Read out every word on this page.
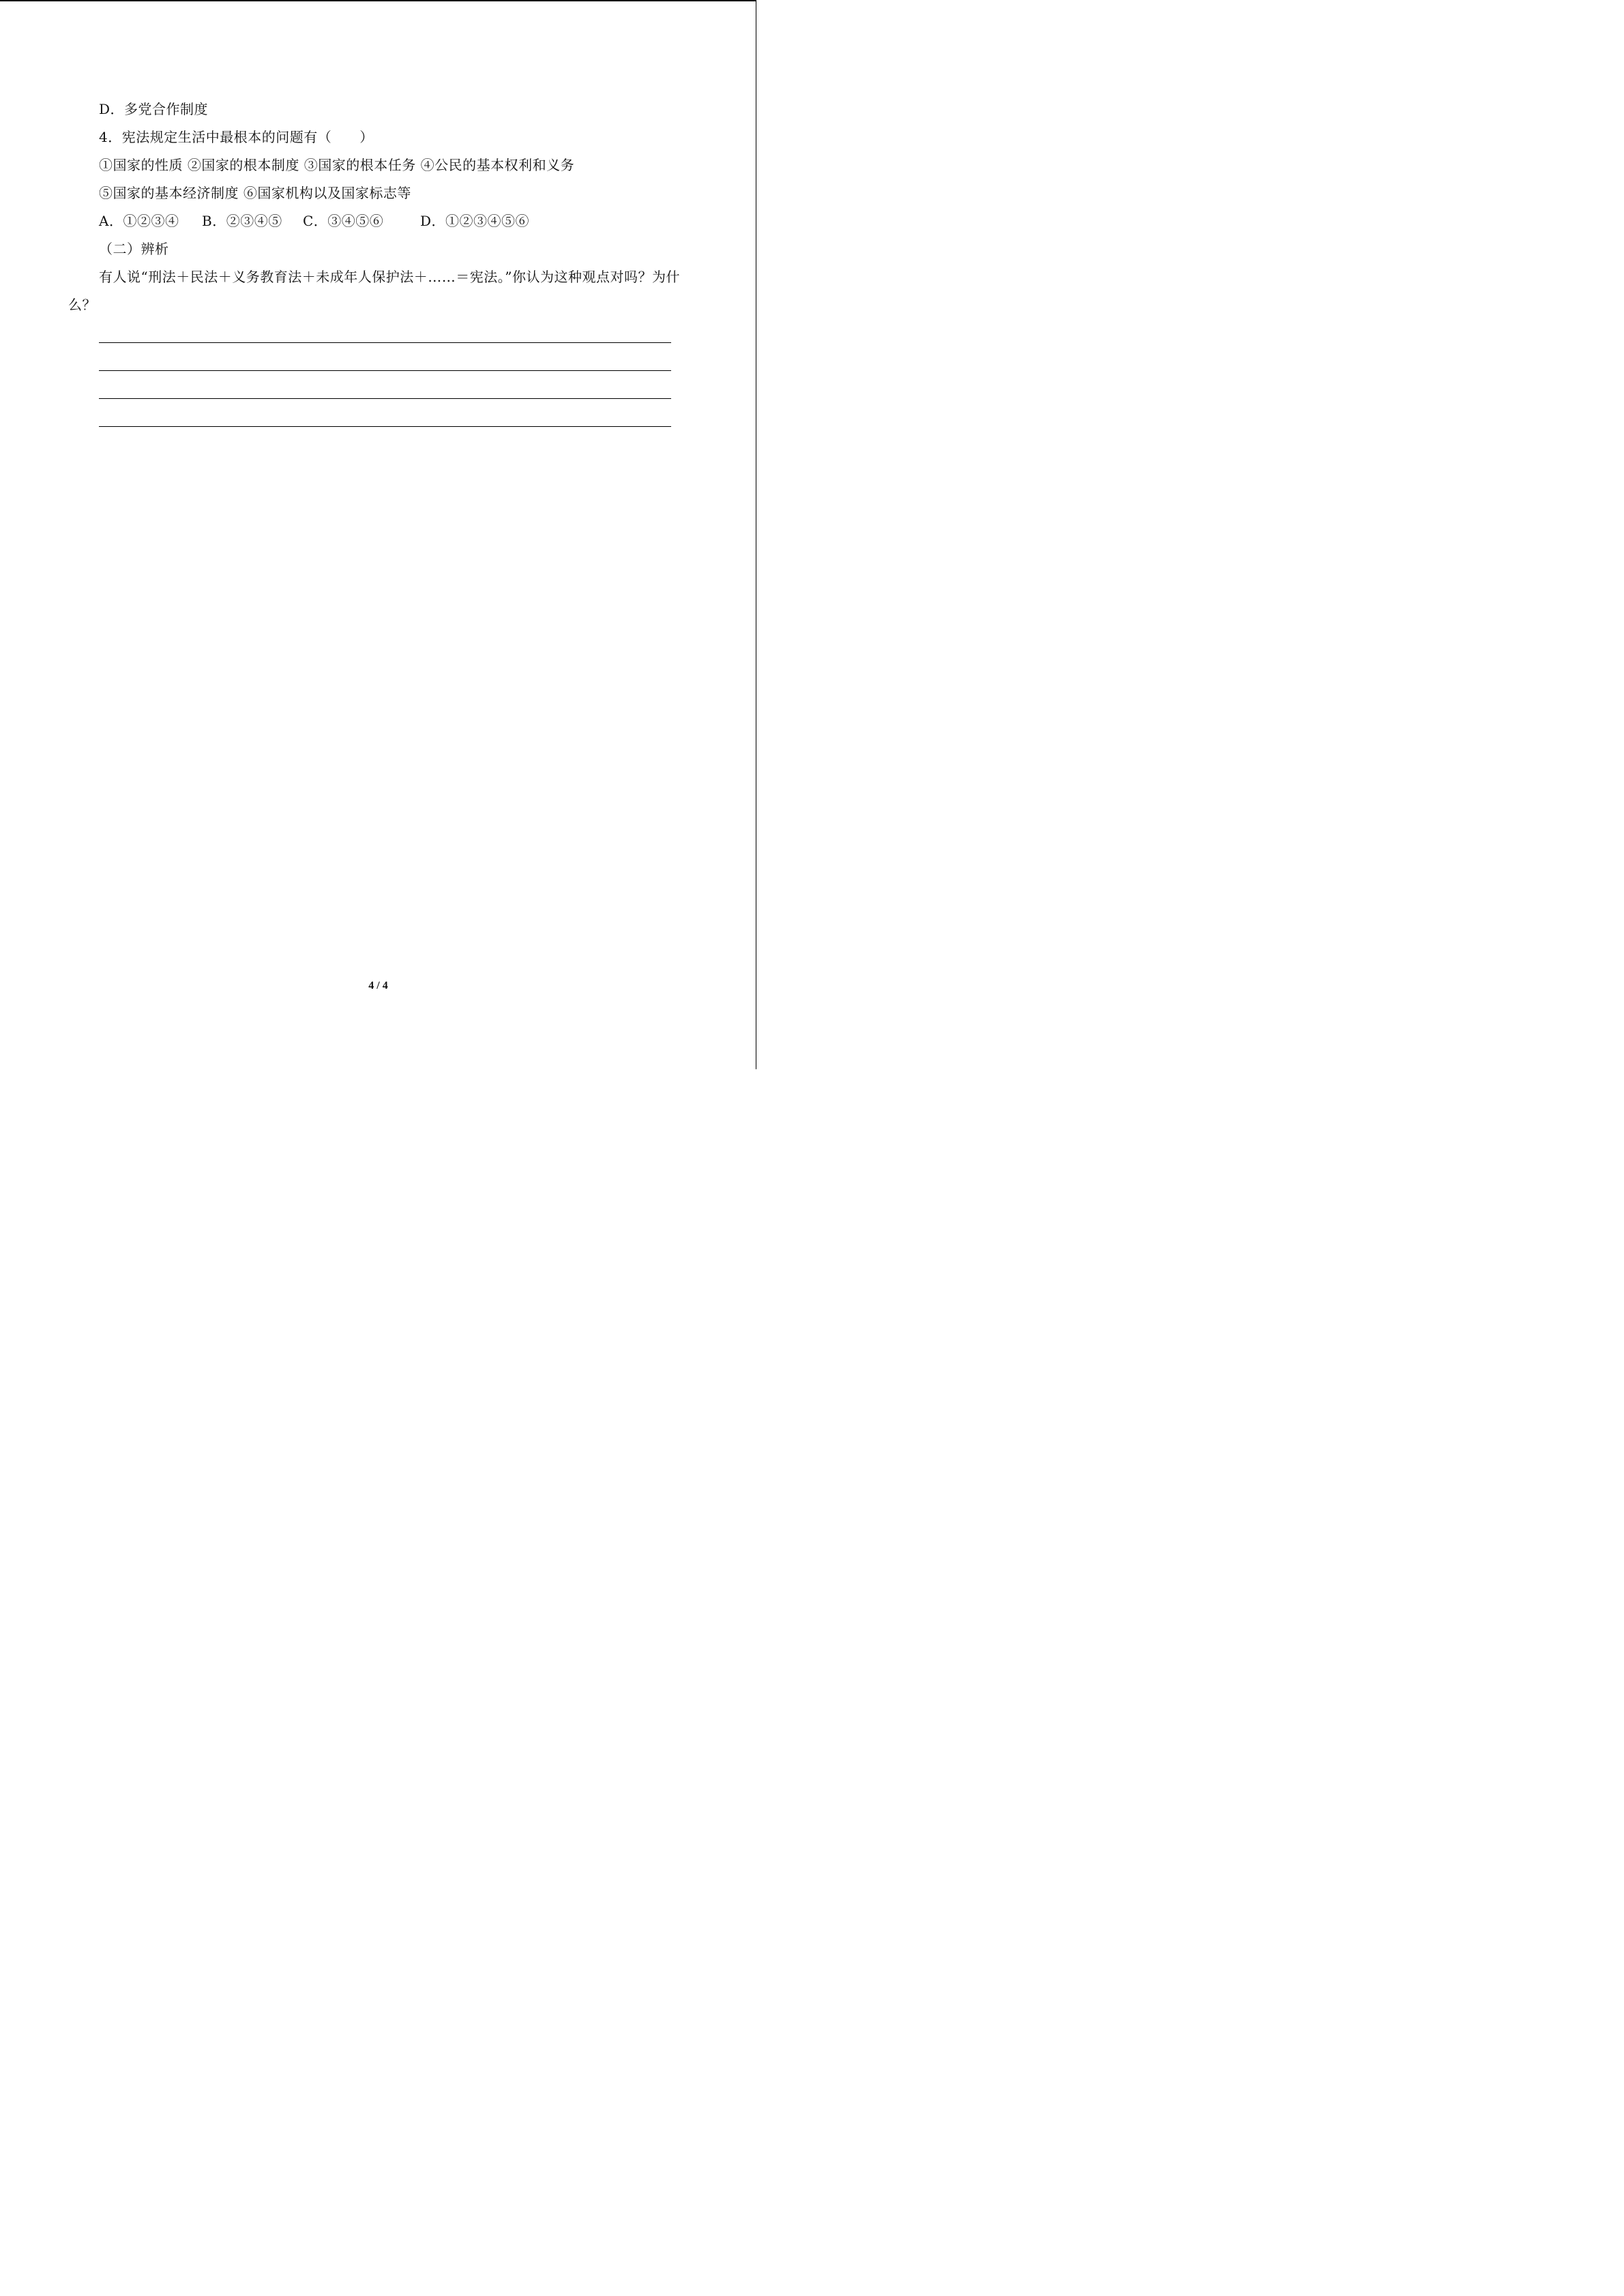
D．多党合作制度
4．宪法规定生活中最根本的问题有（　　）
①国家的性质 ②国家的根本制度 ③国家的根本任务 ④公民的基本权利和义务
⑤国家的基本经济制度 ⑥国家机构以及国家标志等
A．①②③④ B．②③④⑤ C．③④⑤⑥	D．①②③④⑤⑥
（二）辨析
有人说“刑法＋民法＋义务教育法＋未成年人保护法＋……＝宪法。”你认为这种观点对吗？为什么？
4 / 4
